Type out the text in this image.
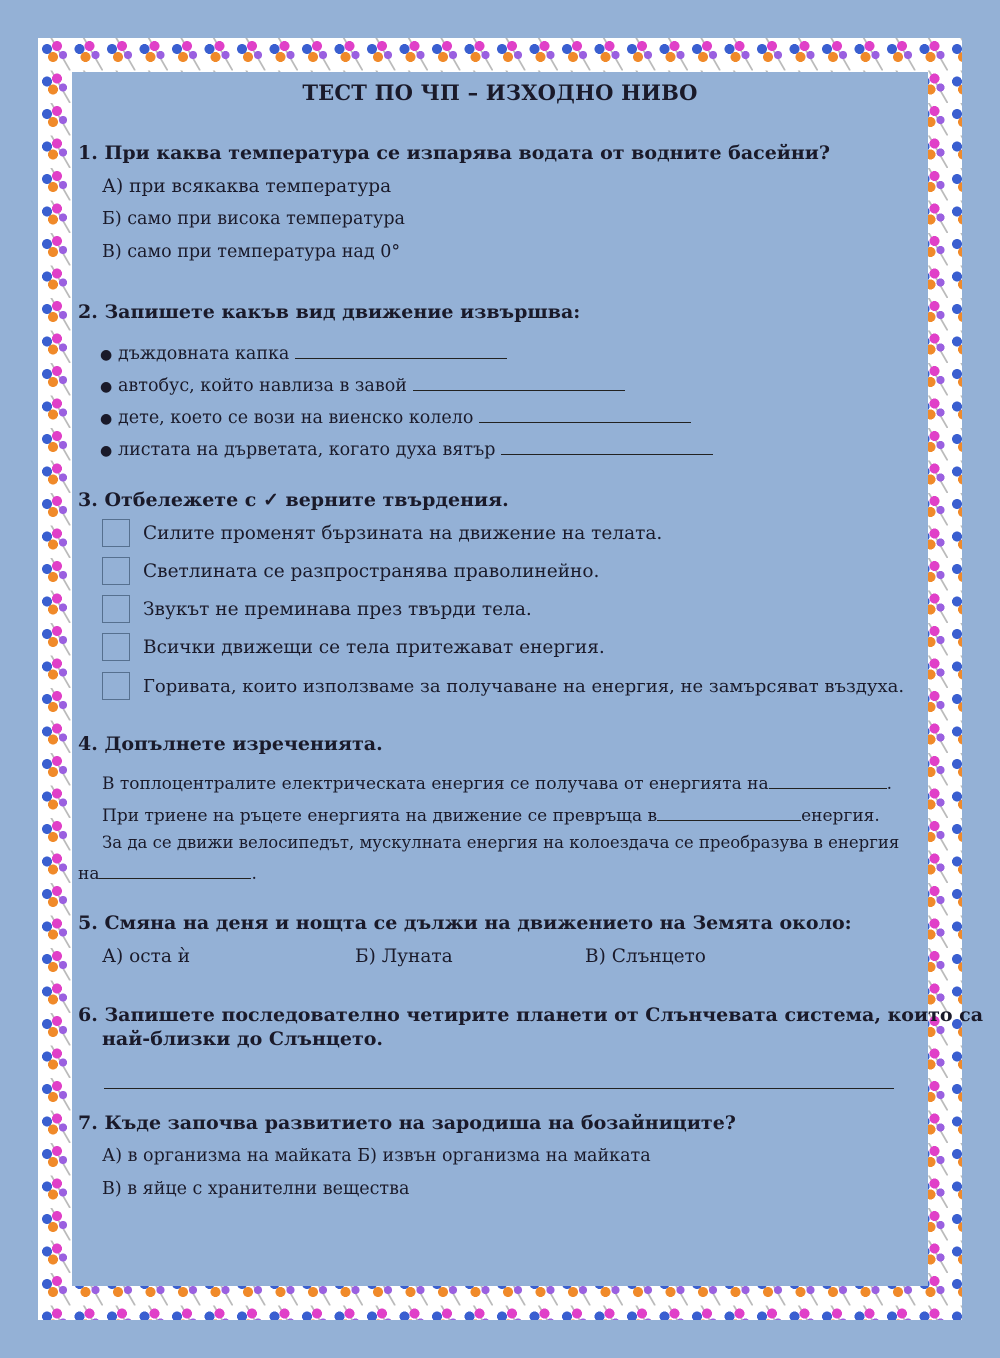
ТЕСТ ПО ЧП – ИЗХОДНО НИВО
1. При каква температура се изпарява водата от водните басейни?
А) при всякаква температура
Б) само при висока температура
В) само при температура над 0°
2. Запишете какъв вид движение извършва:
● дъждовната капка
● автобус, който навлиза в завой
● дете, което се вози на виенско колело
● листата на дърветата, когато духа вятър
3. Отбележете с ✓ верните твърдения.
Силите променят бързината на движение на телата.
Светлината се разпространява праволинейно.
Звукът не преминава през твърди тела.
Всички движещи се тела притежават енергия.
Горивата, които използваме за получаване на енергия, не замърсяват въздуха.
4. Допълнете изреченията.
В топлоцентралите електрическата енергия се получава от енергията на	.
При триене на ръцете енергията на движение се превръща в	енергия.
За да се движи велосипедът, мускулната енергия на колоездача се преобразува в енергия
на	.
5. Смяна на деня и нощта се дължи на движението на Земята около:
А) оста ѝ	Б) Луната	В) Слънцето
6. Запишете последователно четирите планети от Слънчевата система, които са
най-близки до Слънцето.
7. Къде започва развитието на зародиша на бозайниците?
А) в организма на майката Б) извън организма на майката
В) в яйце с хранителни вещества
